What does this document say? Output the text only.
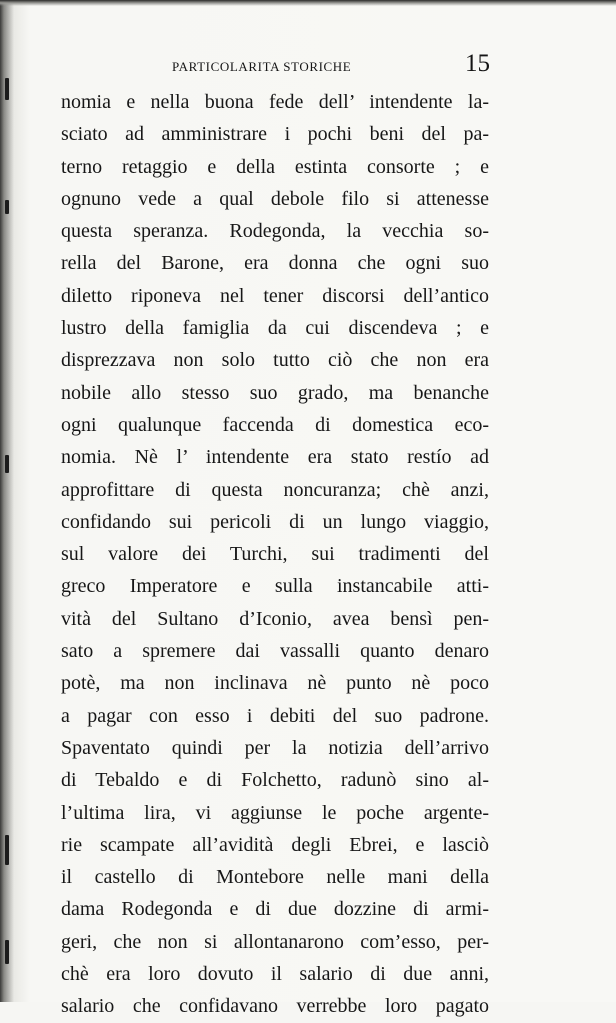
PARTICOLARITA STORICHE	15
nomia e nella buona fede dell’ intendente la-
sciato ad amministrare i pochi beni del pa-
terno retaggio e della estinta consorte ; e
ognuno vede a qual debole filo si attenesse
questa speranza. Rodegonda, la vecchia so-
rella del Barone, era donna che ogni suo
diletto riponeva nel tener discorsi dell’antico
lustro della famiglia da cui discendeva ; e
disprezzava non solo tutto ciò che non era
nobile allo stesso suo grado, ma benanche
ogni qualunque faccenda di domestica eco-
nomia. Nè l’ intendente era stato restío ad
approfittare di questa noncuranza; chè anzi,
confidando sui pericoli di un lungo viaggio,
sul valore dei Turchi, sui tradimenti del
greco Imperatore e sulla instancabile atti-
vità del Sultano d’Iconio, avea bensì pen-
sato a spremere dai vassalli quanto denaro
potè, ma non inclinava nè punto nè poco
a pagar con esso i debiti del suo padrone.
Spaventato quindi per la notizia dell’arrivo
di Tebaldo e di Folchetto, radunò sino al-
l’ultima lira, vi aggiunse le poche argente-
rie scampate all’avidità degli Ebrei, e lasciò
il castello di Montebore nelle mani della
dama Rodegonda e di due dozzine di armi-
geri, che non si allontanarono com’esso, per-
chè era loro dovuto il salario di due anni,
salario che confidavano verrebbe loro pagato
